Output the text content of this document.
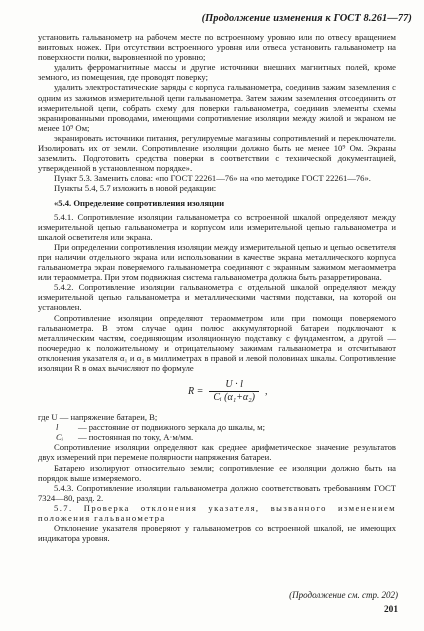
(Продолжение изменения к ГОСТ 8.261—77)

установить гальванометр на рабочем месте по встроенному уровню или по отвесу вращением винтовых ножек. При отсутствии встроенного уровня или отвеса установить гальванометр на поверхности полки, выровненной по уровню;

удалить ферромагнитные массы и другие источники внешних магнитных полей, кроме земного, из помещения, где проводят поверку;

удалить электростатические заряды с корпуса гальванометра, соединив зажим заземления с одним из зажимов измерительной цепи гальванометра. Затем зажим заземления отсоединить от измерительной цепи, собрать схему для поверки гальванометра, соединив элементы схемы экранированными проводами, имеющими сопротивление изоляции между жилой и экраном не менее 10⁹ Ом;

экранировать источники питания, регулируемые магазины сопротивлений и переключатели. Изолировать их от земли. Сопротивление изоляции должно быть не менее 10⁹ Ом. Экраны заземлить. Подготовить средства поверки в соответствии с технической документацией, утвержденной в установленном порядке».

Пункт 5.3. Заменить слова: «по ГОСТ 22261—76» на «по методике ГОСТ 22261—76».

Пункты 5.4, 5.7 изложить в новой редакции:

«5.4. Определение сопротивления изоляции

5.4.1. Сопротивление изоляции гальванометра со встроенной шкалой определяют между измерительной цепью гальванометра и корпусом или измерительной цепью гальванометра и шкалой осветителя или экрана.

При определении сопротивления изоляции между измерительной цепью и цепью осветителя при наличии отдельного экрана или использовании в качестве экрана металлического корпуса гальванометра экран поверяемого гальванометра соединяют с экранным зажимом мегаомметра или тераомметра. При этом подвижная система гальванометра должна быть разарретирована.

5.4.2. Сопротивление изоляции гальванометра с отдельной шкалой определяют между измерительной цепью гальванометра и металлическими частями подставки, на которой он установлен.

Сопротивление изоляции определяют тераомметром или при помощи поверяемого гальванометра. В этом случае один полюс аккумуляторной батареи подключают к металлическим частям, соединяющим изоляционную подставку с фундаментом, а другой — поочередно к положительному и отрицательному зажимам гальванометра и отсчитывают отклонения указателя α₁ и α₂ в миллиметрах в правой и левой половинах шкалы. Сопротивление изоляции R в омах вычисляют по формуле

$R = \frac{U \cdot l}{\text{Cᵢ (α₁+α₂)}}$ ,

где U — напряжение батареи, В;

l	— расстояние от подвижного зеркала до шкалы, м;
Cᵢ	— постоянная по току, А·м/мм.

Сопротивление изоляции определяют как среднее арифметическое значение результатов двух измерений при перемене полярности напряжения батареи.

Батарею изолируют относительно земли; сопротивление ее изоляции должно быть на порядок выше измеряемого.

5.4.3. Сопротивление изоляции гальванометра должно соответствовать требованиям ГОСТ 7324—80, разд. 2.

5.7. Проверка отклонения указателя, вызванного изменением положения гальванометра

Отклонение указателя проверяют у гальванометров со встроенной шкалой, не имеющих индикатора уровня.

(Продолжение см. стр. 202)
201
